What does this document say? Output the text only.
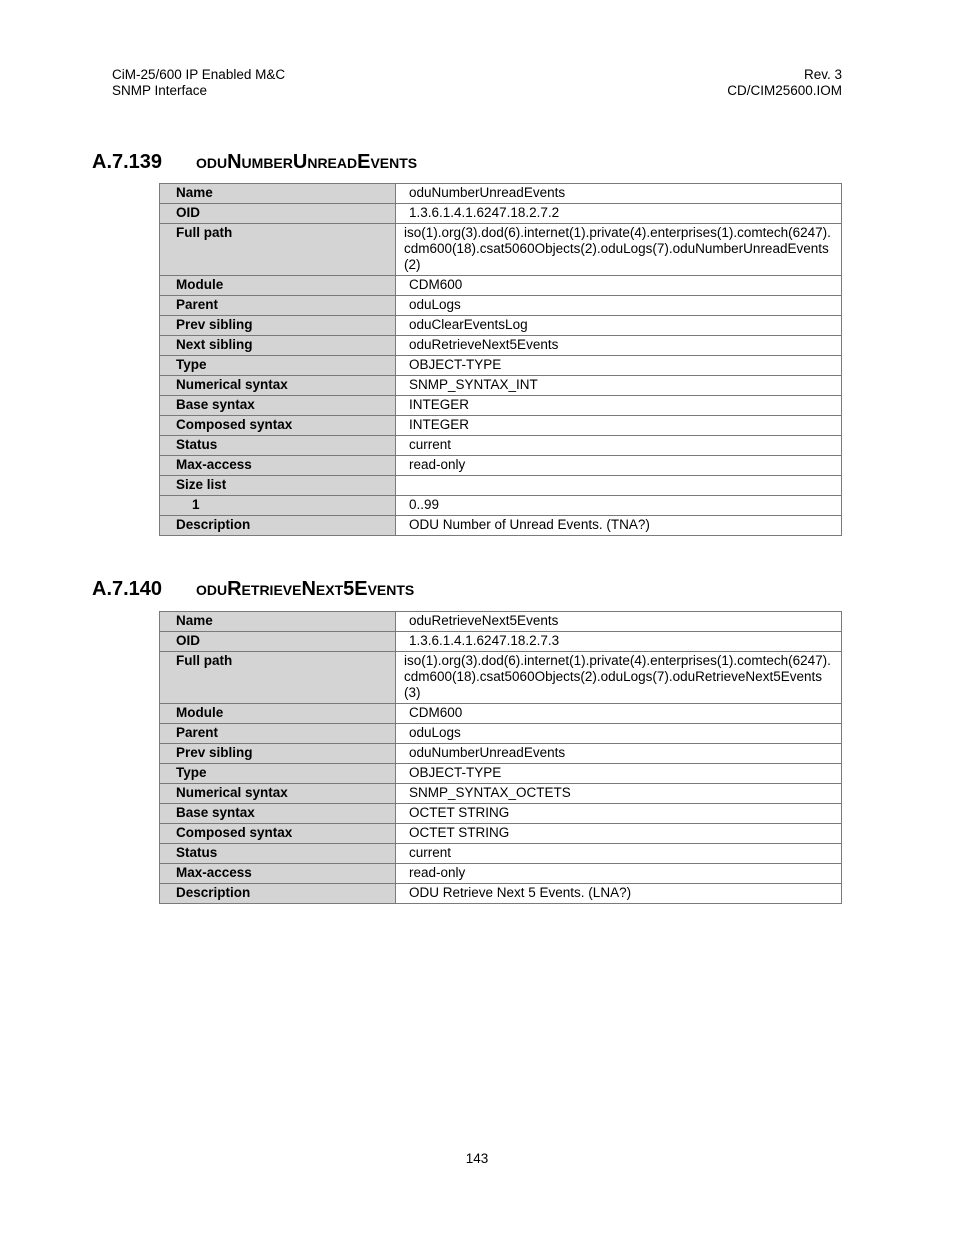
CiM-25/600 IP Enabled M&C
SNMP Interface
Rev. 3
CD/CIM25600.IOM
A.7.139 oduNumberUnreadEvents
Name	oduNumberUnreadEvents
OID	1.3.6.1.4.1.6247.18.2.7.2
Full path	iso(1).org(3).dod(6).internet(1).private(4).enterprises(1).comtech(6247).cdm600(18).csat5060Objects(2).oduLogs(7).oduNumberUnreadEvents(2)
Module	CDM600
Parent	oduLogs
Prev sibling	oduClearEventsLog
Next sibling	oduRetrieveNext5Events
Type	OBJECT-TYPE
Numerical syntax	SNMP_SYNTAX_INT
Base syntax	INTEGER
Composed syntax	INTEGER
Status	current
Max-access	read-only
Size list	
1	0..99
Description	ODU Number of Unread Events. (TNA?)
A.7.140 oduRetrieveNext5Events
Name	oduRetrieveNext5Events
OID	1.3.6.1.4.1.6247.18.2.7.3
Full path	iso(1).org(3).dod(6).internet(1).private(4).enterprises(1).comtech(6247).cdm600(18).csat5060Objects(2).oduLogs(7).oduRetrieveNext5Events(3)
Module	CDM600
Parent	oduLogs
Prev sibling	oduNumberUnreadEvents
Type	OBJECT-TYPE
Numerical syntax	SNMP_SYNTAX_OCTETS
Base syntax	OCTET STRING
Composed syntax	OCTET STRING
Status	current
Max-access	read-only
Description	ODU Retrieve Next 5 Events. (LNA?)
143
